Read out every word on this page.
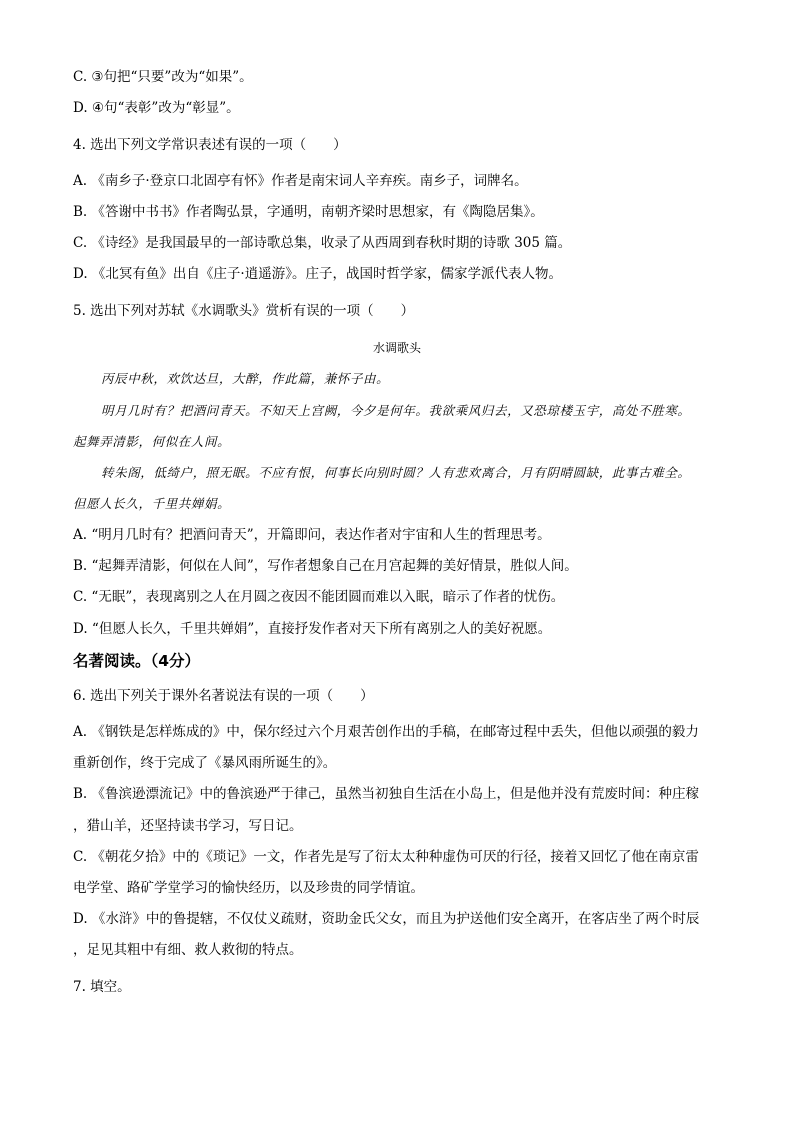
C. ③句把“只要”改为“如果”。
D. ④句“表彰”改为“彰显”。
4. 选出下列文学常识表述有误的一项（　　）
A. 《南乡子·登京口北固亭有怀》作者是南宋词人辛弃疾。南乡子，词牌名。
B. 《答谢中书书》作者陶弘景，字通明，南朝齐梁时思想家，有《陶隐居集》。
C. 《诗经》是我国最早的一部诗歌总集，收录了从西周到春秋时期的诗歌 305 篇。
D. 《北冥有鱼》出自《庄子·逍遥游》。庄子，战国时哲学家，儒家学派代表人物。
5. 选出下列对苏轼《水调歌头》赏析有误的一项（　　）
水调歌头
丙辰中秋，欢饮达旦，大醉，作此篇，兼怀子由。
明月几时有？把酒问青天。不知天上宫阙，今夕是何年。我欲乘风归去，又恐琼楼玉宇，高处不胜寒。
起舞弄清影，何似在人间。
转朱阁，低绮户，照无眠。不应有恨，何事长向别时圆？人有悲欢离合，月有阴晴圆缺，此事古难全。
但愿人长久，千里共婵娟。
A. “明月几时有？把酒问青天”，开篇即问，表达作者对宇宙和人生的哲理思考。
B. “起舞弄清影，何似在人间”，写作者想象自己在月宫起舞的美好情景，胜似人间。
C. “无眠”，表现离别之人在月圆之夜因不能团圆而难以入眠，暗示了作者的忧伤。
D. “但愿人长久，千里共婵娟”，直接抒发作者对天下所有离别之人的美好祝愿。
名著阅读。（4分）
6. 选出下列关于课外名著说法有误的一项（　　）
A. 《钢铁是怎样炼成的》中，保尔经过六个月艰苦创作出的手稿，在邮寄过程中丢失，但他以顽强的毅力
重新创作，终于完成了《暴风雨所诞生的》。
B. 《鲁滨逊漂流记》中的鲁滨逊严于律己，虽然当初独自生活在小岛上，但是他并没有荒废时间：种庄稼
，猎山羊，还坚持读书学习，写日记。
C. 《朝花夕拾》中的《琐记》一文，作者先是写了衍太太种种虚伪可厌的行径，接着又回忆了他在南京雷
电学堂、路矿学堂学习的愉快经历，以及珍贵的同学情谊。
D. 《水浒》中的鲁提辖，不仅仗义疏财，资助金氏父女，而且为护送他们安全离开，在客店坐了两个时辰
，足见其粗中有细、救人救彻的特点。
7. 填空。
